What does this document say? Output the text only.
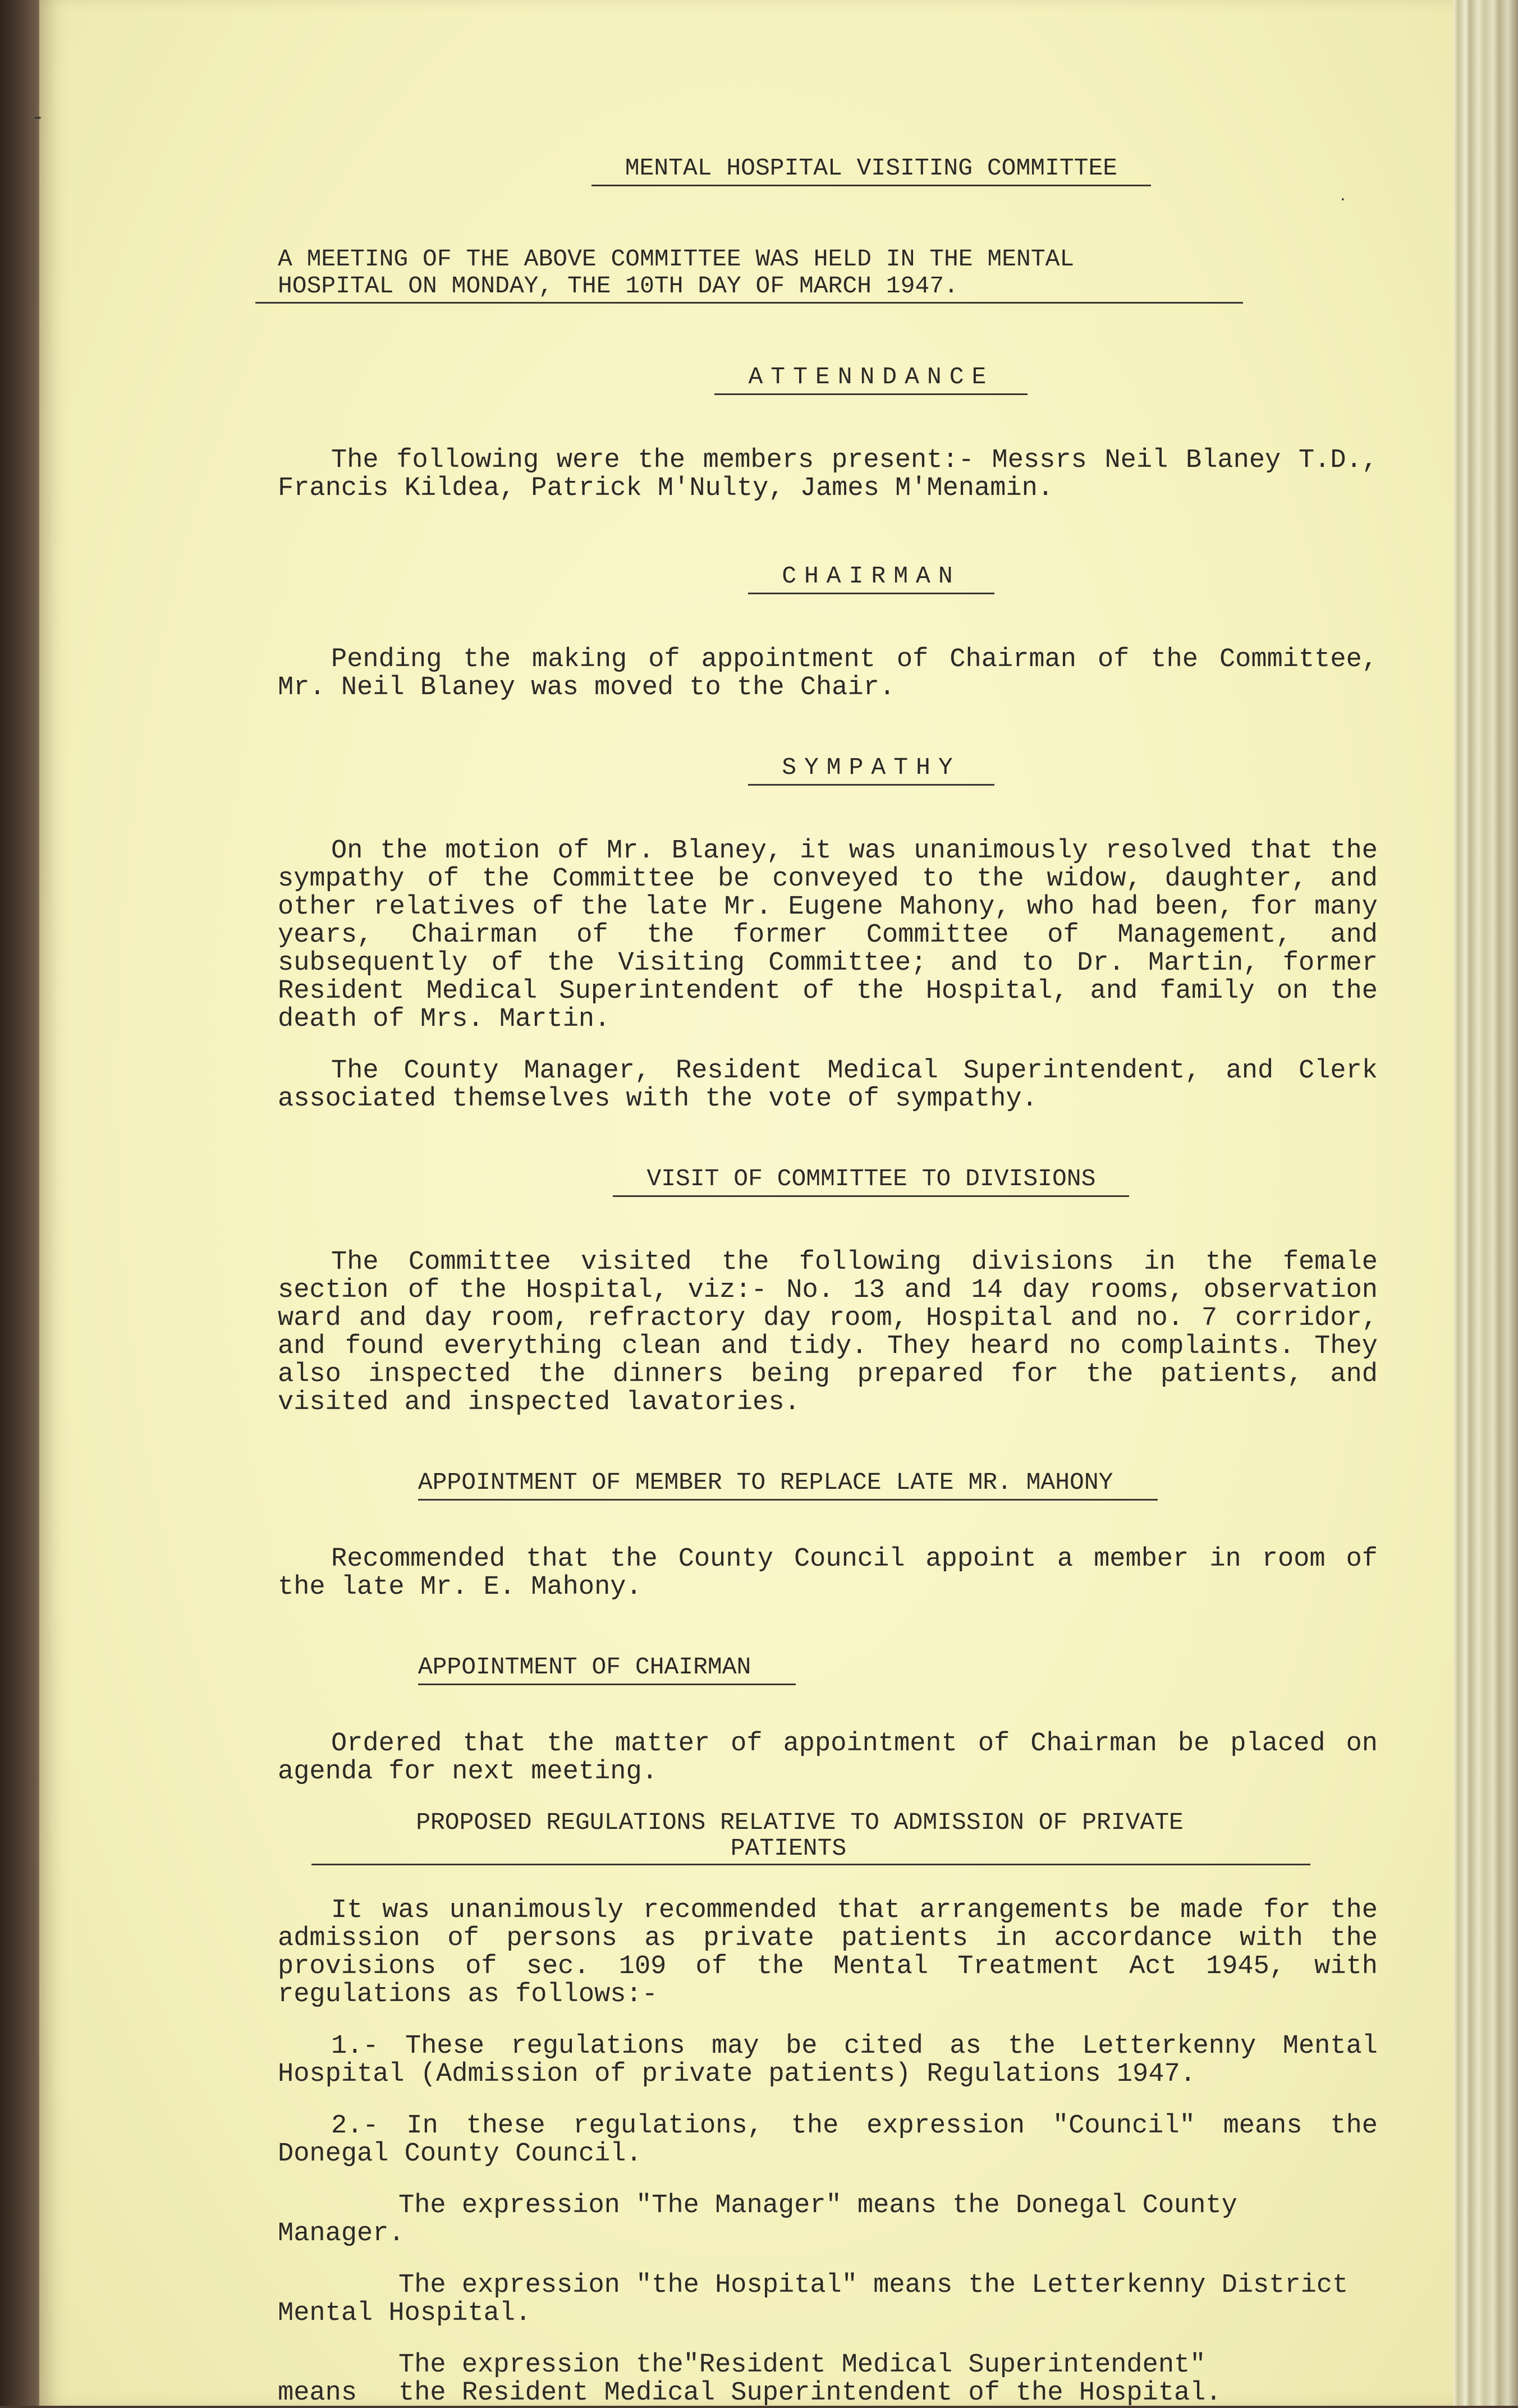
-
.

MENTAL HOSPITAL VISITING COMMITTEE

A MEETING OF THE ABOVE COMMITTEE WAS HELD IN THE MENTAL
HOSPITAL ON MONDAY, THE 10TH DAY OF MARCH 1947.

ATTENNDANCE

The following were the members present:- Messrs Neil Blaney T.D., Francis Kildea, Patrick M'Nulty, James M'Menamin.

CHAIRMAN

Pending the making of appointment of Chairman of the Committee, Mr. Neil Blaney was moved to the Chair.

SYMPATHY

On the motion of Mr. Blaney, it was unanimously resolved that the sympathy of the Committee be conveyed to the widow, daughter, and other relatives of the late Mr. Eugene Mahony, who had been, for many years, Chairman of the former Committee of Management, and subsequently of the Visiting Committee; and to Dr. Martin, former Resident Medical Superintendent of the Hospital, and family on the death of Mrs. Martin.
The County Manager, Resident Medical Superintendent, and Clerk associated themselves with the vote of sympathy.

VISIT OF COMMITTEE TO DIVISIONS

The Committee visited the following divisions in the female section of the Hospital, viz:- No. 13 and 14 day rooms, observation ward and day room, refractory day room, Hospital and no. 7 corridor, and found everything clean and tidy. They heard no complaints. They also inspected the dinners being prepared for the patients, and visited and inspected lavatories.

APPOINTMENT OF MEMBER TO REPLACE LATE MR. MAHONY

Recommended that the County Council appoint a member in room of the late Mr. E. Mahony.

APPOINTMENT OF CHAIRMAN

Ordered that the matter of appointment of Chairman be placed on agenda for next meeting.
PROPOSED REGULATIONS RELATIVE TO ADMISSION OF PRIVATE
PATIENTS
It was unanimously recommended that arrangements be made for the admission of persons as private patients in accordance with the provisions of sec. 109 of the Mental Treatment Act 1945, with regulations as follows:-
1.- These regulations may be cited as the Letterkenny Mental Hospital (Admission of private patients) Regulations 1947.
2.- In these regulations, the expression "Council" means the Donegal County Council.
The expression "The Manager" means the Donegal County Manager.
The expression "the Hospital" means the Letterkenny District Mental Hospital.
means
The expression the"Resident Medical Superintendent"
the Resident Medical Superintendent of the Hospital.
